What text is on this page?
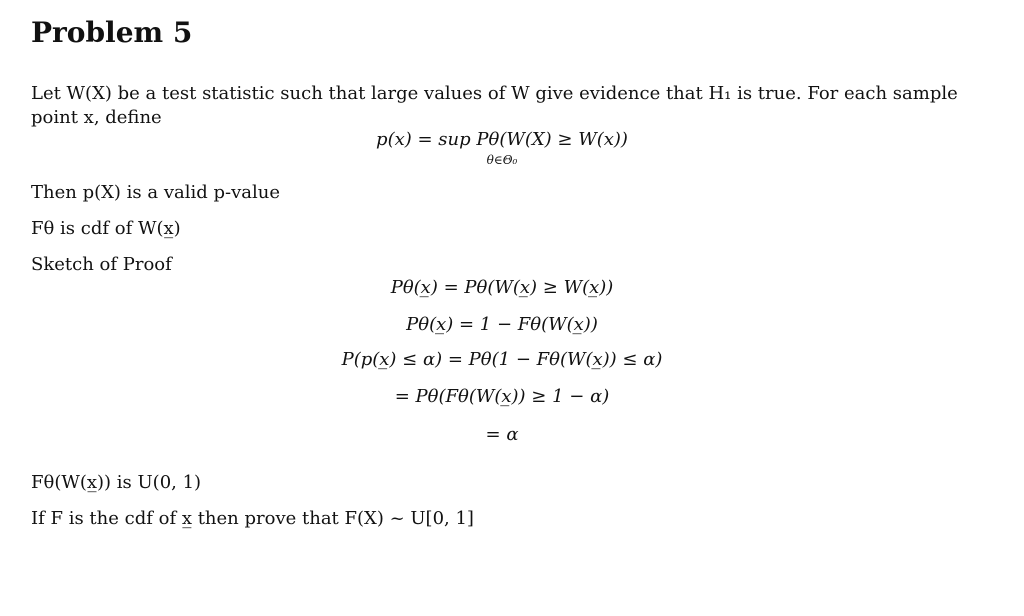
Problem 5
Let W(X) be a test statistic such that large values of W give evidence that H₁ is true. For each sample point x, define
p(x) = sup Pθ(W(X) ≥ W(x))
θ∈Θ₀
Then p(X) is a valid p-value
Fθ is cdf of W(x̲)
Sketch of Proof
Pθ(x̲) = Pθ(W(x̲) ≥ W(x̲))
Pθ(x̲) = 1 − Fθ(W(x̲))
P(p(x̲) ≤ α) = Pθ(1 − Fθ(W(x̲)) ≤ α)
= Pθ(Fθ(W(x̲)) ≥ 1 − α)
= α
Fθ(W(x̲)) is U(0, 1)
If F is the cdf of x̲ then prove that F(X) ~ U[0, 1]
